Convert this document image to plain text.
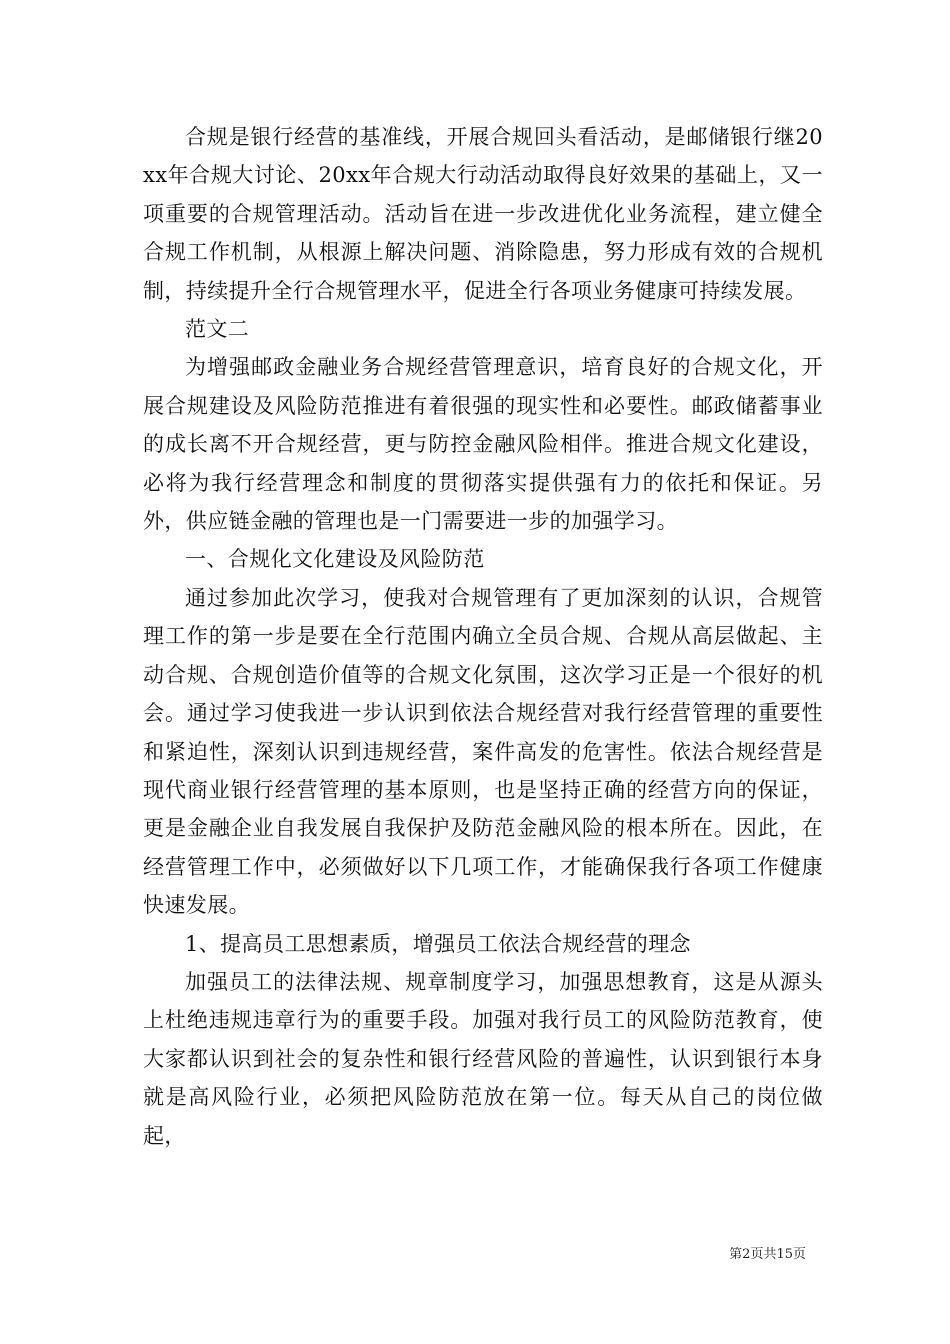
合规是银行经营的基准线，开展合规回头看活动，是邮储银行继20xx年合规大讨论、20xx年合规大行动活动取得良好效果的基础上，又一项重要的合规管理活动。活动旨在进一步改进优化业务流程，建立健全合规工作机制，从根源上解决问题、消除隐患，努力形成有效的合规机制，持续提升全行合规管理水平，促进全行各项业务健康可持续发展。

范文二

为增强邮政金融业务合规经营管理意识，培育良好的合规文化，开展合规建设及风险防范推进有着很强的现实性和必要性。邮政储蓄事业的成长离不开合规经营，更与防控金融风险相伴。推进合规文化建设，必将为我行经营理念和制度的贯彻落实提供强有力的依托和保证。另外，供应链金融的管理也是一门需要进一步的加强学习。

一、合规化文化建设及风险防范

通过参加此次学习，使我对合规管理有了更加深刻的认识，合规管理工作的第一步是要在全行范围内确立全员合规、合规从高层做起、主动合规、合规创造价值等的合规文化氛围，这次学习正是一个很好的机会。通过学习使我进一步认识到依法合规经营对我行经营管理的重要性和紧迫性，深刻认识到违规经营，案件高发的危害性。依法合规经营是现代商业银行经营管理的基本原则，也是坚持正确的经营方向的保证，更是金融企业自我发展自我保护及防范金融风险的根本所在。因此，在经营管理工作中，必须做好以下几项工作，才能确保我行各项工作健康快速发展。

1、提高员工思想素质，增强员工依法合规经营的理念

加强员工的法律法规、规章制度学习，加强思想教育，这是从源头上杜绝违规违章行为的重要手段。加强对我行员工的风险防范教育，使大家都认识到社会的复杂性和银行经营风险的普遍性，认识到银行本身就是高风险行业，必须把风险防范放在第一位。每天从自己的岗位做起，

第2页共15页
